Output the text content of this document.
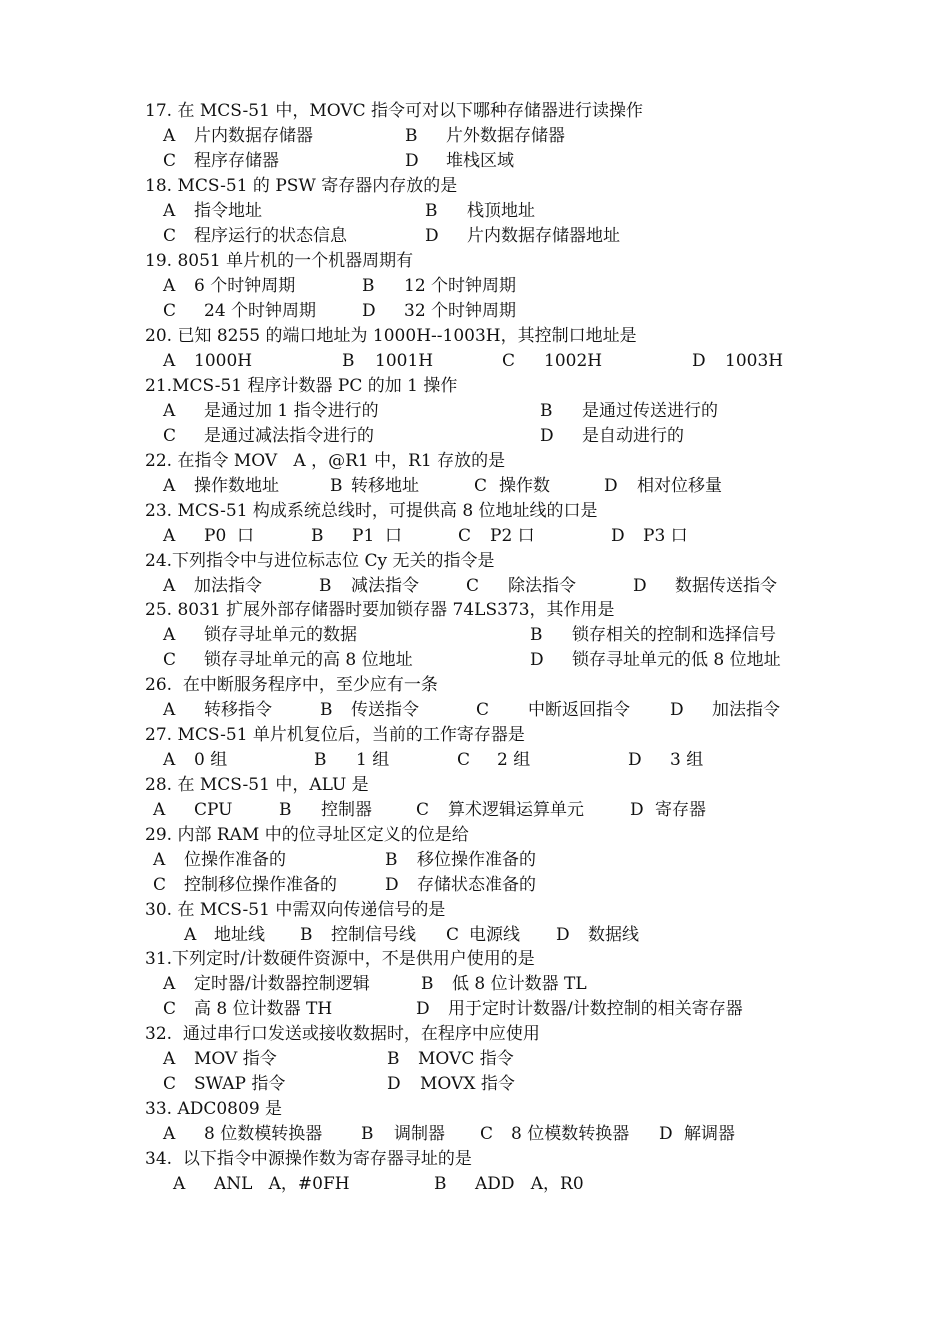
17. 在 MCS-51 中，MOVC 指令可对以下哪种存储器进行读操作
A 片内数据存储器	B 片外数据存储器
C 程序存储器	D 堆栈区域
18. MCS-51 的 PSW 寄存器内存放的是
A 指令地址	B 栈顶地址
C 程序运行的状态信息	D 片内数据存储器地址
19. 8051 单片机的一个机器周期有
A 6 个时钟周期	B 12 个时钟周期
C 24 个时钟周期	D 32 个时钟周期
20. 已知 8255 的端口地址为 1000H--1003H，其控制口地址是
A 1000H	B 1001H	C 1002H	D 1003H
21.MCS-51 程序计数器 PC 的加 1 操作
A 是通过加 1 指令进行的	B 是通过传送进行的
C 是通过减法指令进行的	D 是自动进行的
22. 在指令 MOV   A ，@R1 中，R1 存放的是
A 操作数地址	B 转移地址	C 操作数	D 相对位移量
23. MCS-51 构成系统总线时，可提供高 8 位地址线的口是
A P0  口	B P1  口	C P2 口	D P3 口
24.下列指令中与进位标志位 Cy 无关的指令是
A 加法指令	B 减法指令	C 除法指令	D 数据传送指令
25. 8031 扩展外部存储器时要加锁存器 74LS373，其作用是
A 锁存寻址单元的数据	B 锁存相关的控制和选择信号
C 锁存寻址单元的高 8 位地址	D 锁存寻址单元的低 8 位地址
26. 在中断服务程序中，至少应有一条
A 转移指令	B 传送指令	C 中断返回指令 D 加法指令
27. MCS-51 单片机复位后，当前的工作寄存器是
A 0 组	B 1 组	C 2 组	D 3 组
28. 在 MCS-51 中，ALU 是
A CPU	B 控制器	C 算术逻辑运算单元	D 寄存器
29. 内部 RAM 中的位寻址区定义的位是给
A 位操作准备的	B 移位操作准备的
C 控制移位操作准备的	D 存储状态准备的
30. 在 MCS-51 中需双向传递信号的是
A 地址线 B 控制信号线 C 电源线 D 数据线
31.下列定时/计数硬件资源中，不是供用户使用的是
A 定时器/计数器控制逻辑	B 低 8 位计数器 TL
C 高 8 位计数器 TH	D 用于定时计数器/计数控制的相关寄存器
32. 通过串行口发送或接收数据时，在程序中应使用
A MOV 指令	B MOVC 指令
C SWAP 指令	D MOVX 指令
33. ADC0809 是
A 8 位数模转换器 B 调制器 C 8 位模数转换器 D 解调器
34. 以下指令中源操作数为寄存器寻址的是
A ANL   A，#0FH	B ADD   A，R0
